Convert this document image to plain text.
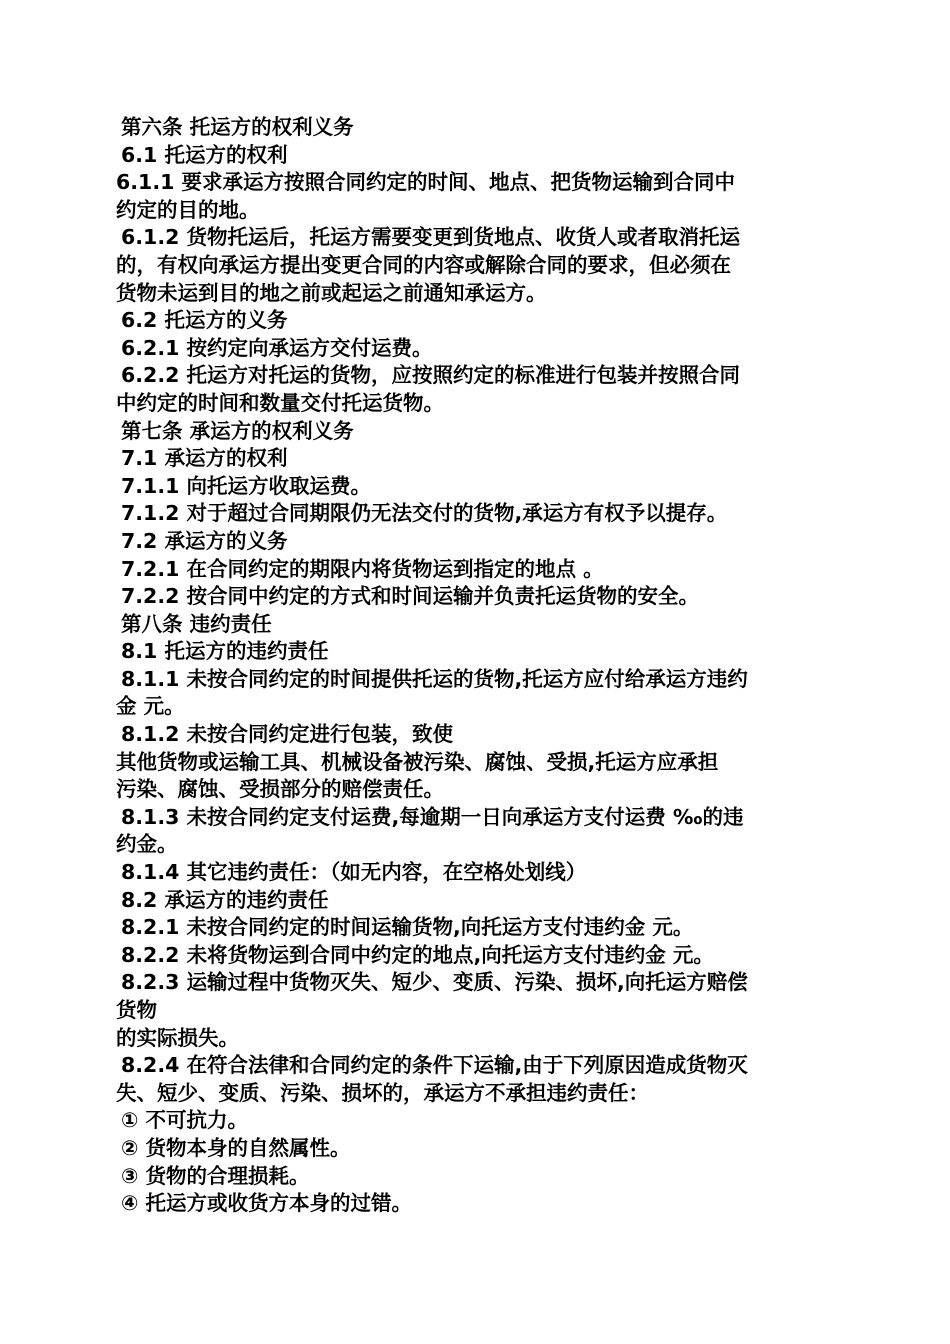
第六条 托运方的权利义务
6.1 托运方的权利
6.1.1 要求承运方按照合同约定的时间、地点、把货物运输到合同中
约定的目的地。
6.1.2 货物托运后，托运方需要变更到货地点、收货人或者取消托运
的，有权向承运方提出变更合同的内容或解除合同的要求，但必须在
货物未运到目的地之前或起运之前通知承运方。
6.2 托运方的义务
6.2.1 按约定向承运方交付运费。
6.2.2 托运方对托运的货物，应按照约定的标准进行包装并按照合同
中约定的时间和数量交付托运货物。
第七条 承运方的权利义务
7.1 承运方的权利
7.1.1 向托运方收取运费。
7.1.2 对于超过合同期限仍无法交付的货物,承运方有权予以提存。
7.2 承运方的义务
7.2.1 在合同约定的期限内将货物运到指定的地点 。
7.2.2 按合同中约定的方式和时间运输并负责托运货物的安全。
第八条 违约责任
8.1 托运方的违约责任
8.1.1 未按合同约定的时间提供托运的货物,托运方应付给承运方违约
金 元。
8.1.2 未按合同约定进行包装，致使
其他货物或运输工具、机械设备被污染、腐蚀、受损,托运方应承担
污染、腐蚀、受损部分的赔偿责任。
8.1.3 未按合同约定支付运费,每逾期一日向承运方支付运费 ‰的违
约金。
8.1.4 其它违约责任：（如无内容，在空格处划线）
8.2 承运方的违约责任
8.2.1 未按合同约定的时间运输货物,向托运方支付违约金 元。
8.2.2 未将货物运到合同中约定的地点,向托运方支付违约金 元。
8.2.3 运输过程中货物灭失、短少、变质、污染、损坏,向托运方赔偿
货物
的实际损失。
8.2.4 在符合法律和合同约定的条件下运输,由于下列原因造成货物灭
失、短少、变质、污染、损坏的，承运方不承担违约责任：
① 不可抗力。
② 货物本身的自然属性。
③ 货物的合理损耗。
④ 托运方或收货方本身的过错。
